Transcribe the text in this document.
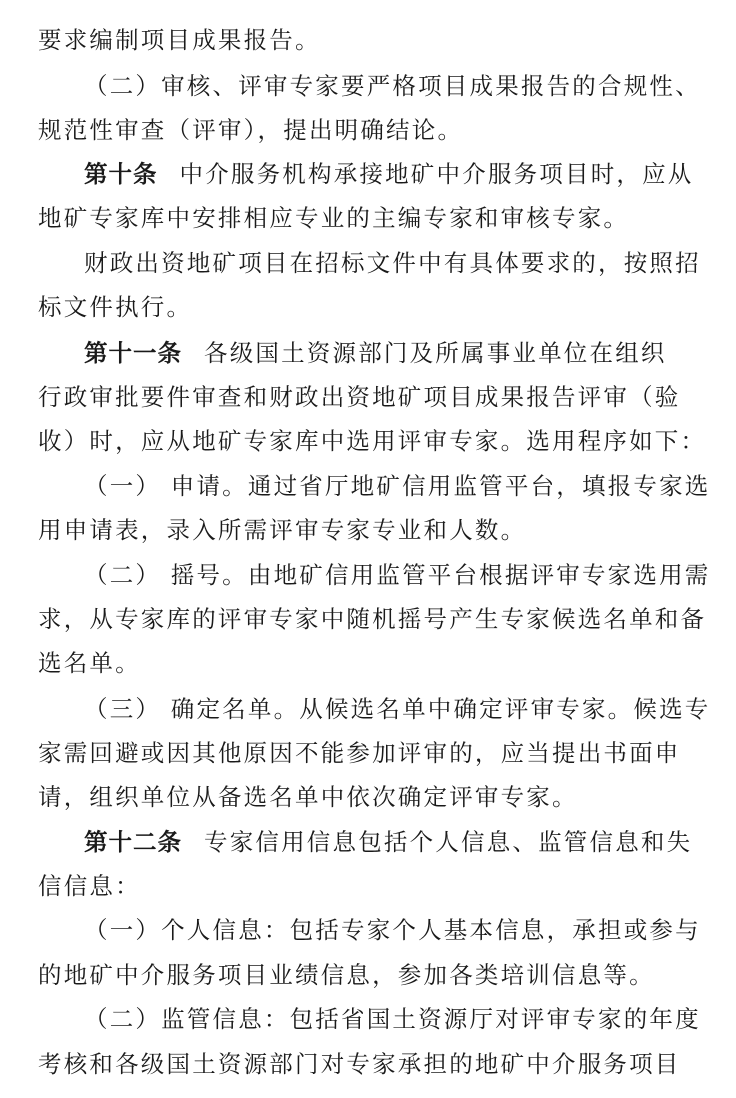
要求编制项目成果报告。
（二）审核、评审专家要严格项目成果报告的合规性、
规范性审查（评审），提出明确结论。
第十条 中介服务机构承接地矿中介服务项目时，应从
地矿专家库中安排相应专业的主编专家和审核专家。
财政出资地矿项目在招标文件中有具体要求的，按照招
标文件执行。
第十一条 各级国土资源部门及所属事业单位在组织
行政审批要件审查和财政出资地矿项目成果报告评审（验
收）时，应从地矿专家库中选用评审专家。选用程序如下：
（一） 申请。通过省厅地矿信用监管平台，填报专家选
用申请表，录入所需评审专家专业和人数。
（二） 摇号。由地矿信用监管平台根据评审专家选用需
求，从专家库的评审专家中随机摇号产生专家候选名单和备
选名单。
（三） 确定名单。从候选名单中确定评审专家。候选专
家需回避或因其他原因不能参加评审的，应当提出书面申
请，组织单位从备选名单中依次确定评审专家。
第十二条 专家信用信息包括个人信息、监管信息和失
信信息：
（一）个人信息：包括专家个人基本信息，承担或参与
的地矿中介服务项目业绩信息，参加各类培训信息等。
（二）监管信息：包括省国土资源厅对评审专家的年度
考核和各级国土资源部门对专家承担的地矿中介服务项目
